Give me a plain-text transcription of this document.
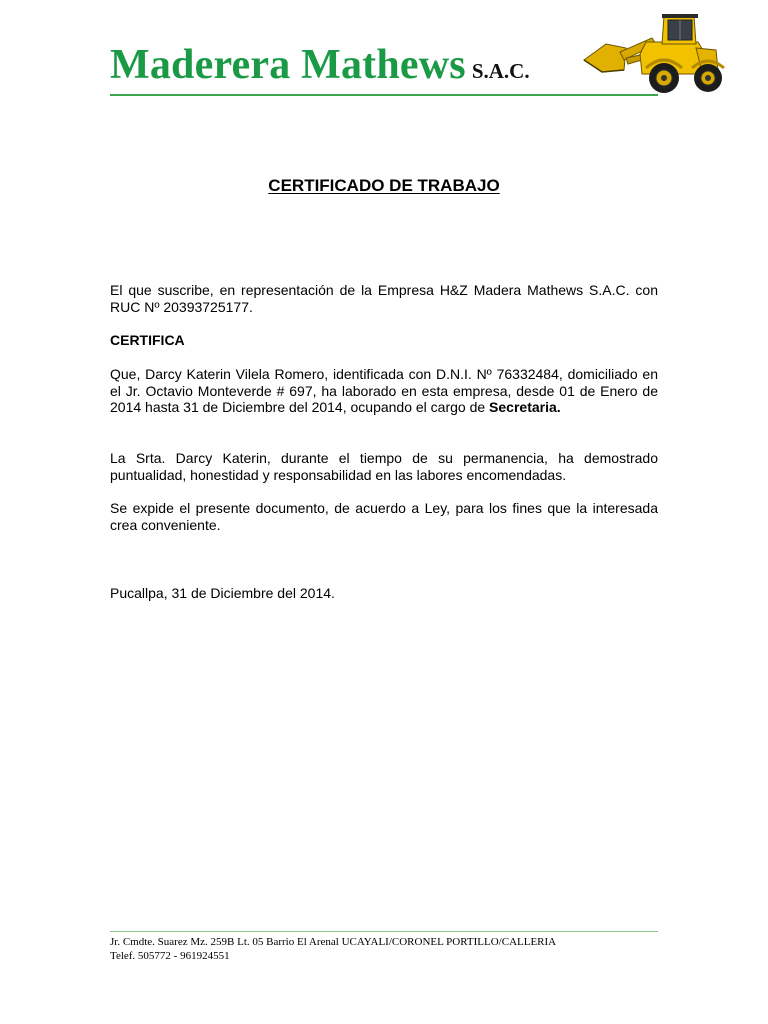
Maderera Mathews S.A.C.
CERTIFICADO DE TRABAJO

El que suscribe, en representación de la Empresa H&Z Madera Mathews S.A.C. con RUC Nº 20393725177.

CERTIFICA

Que, Darcy Katerin Vilela Romero, identificada con D.N.I. Nº 76332484, domiciliado en el Jr. Octavio Monteverde # 697, ha laborado en esta empresa, desde 01 de Enero de 2014 hasta 31 de Diciembre del 2014, ocupando el cargo de Secretaria.

La Srta. Darcy Katerin, durante el tiempo de su permanencia, ha demostrado puntualidad, honestidad y responsabilidad en las labores encomendadas.

Se expide el presente documento, de acuerdo a Ley, para los fines que la interesada crea conveniente.

Pucallpa, 31 de Diciembre del 2014.

Jr. Cmdte. Suarez Mz. 259B Lt. 05 Barrio El Arenal UCAYALI/CORONEL PORTILLO/CALLERIA
Telef. 505772 - 961924551
